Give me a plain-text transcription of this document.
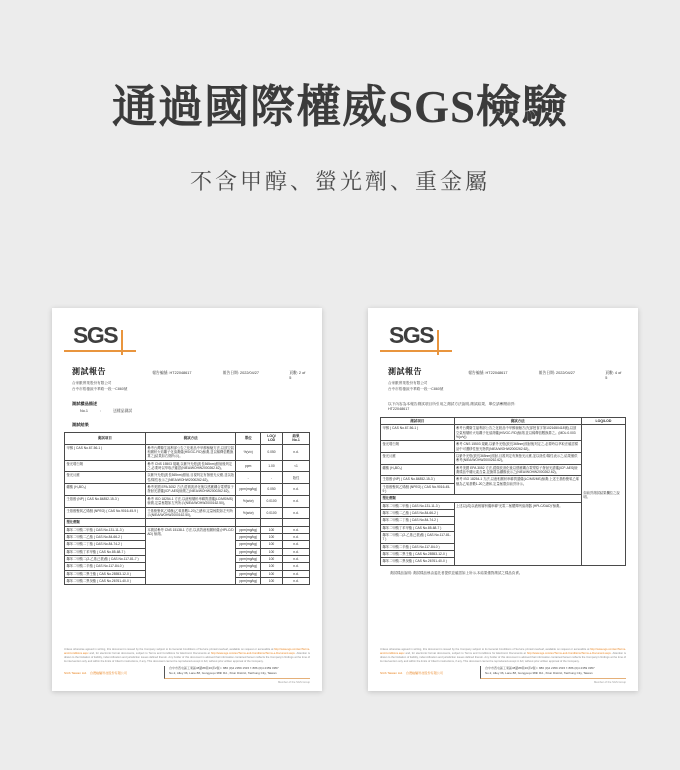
通過國際權威SGS檢驗
不含甲醇、螢光劑、重金屬
SGS
測試報告	報告編號: HT22048617	報告日期: 2022/04/27	頁數: 2 of 5
合家歡實業股份有限公司
台中市梧棲區中華路一段一C860號
測試樣品描述
No.1	:	送樣品測試
測試結果
測試項目	測試方法	單位

LOQ/
LOD

結果
No.1

甲醇 ( CAS No.67-56-1 )	參考台灣衛生福利部公告之化粧品中甲醇檢驗方法,以頂空氣相層析火焰離子化偵測儀(HS/GC-FID)檢測,並以稀釋倍數換算之(結果如右側所示)。	%(v/v)	0.050	n.d.
螢光增白劑	參考 CNS 15503 規範,以紫外光燈(波長365nm)照射後判定之,必要時以萃取法確認(NIEA/WOHW2000262.62)。	ppm	1.00	<1
螢光反應	以紫外光燈(波長365nm)照射,目視判定有無螢光反應,並以陰性/陽性表示之(NIEA/WOHW2000262.62)。	-	-	陰性
硼酸 (H₃BO₃)	參考美國 EPA 3052 方法,經微波消化後以感應耦合電漿原子發射光譜儀(ICP-AES)檢測之(NIEA/WOHW2000262.62)。	ppm(mg/kg)	0.050	n.d.
壬基酚 (NP) ( CAS No.84852-15-3 )	參考 ISO 18254-1 方法,以液相層析串聯質譜儀(LC/MS/MS)檢測,定量極限如左列所示(NIEA/WOHW2000162.50)。	%(w/w)	0.0100	n.d.
壬基酚聚氧乙烯醚 (NPEO) ( CAS No.9016-45-9 )	壬基酚聚氧乙烯醚(乙氧基數1-20)之總和,定量極限如左列所示(NIEA/WOHW2000162.50)。	%(w/w)	0.0100	n.d.
塑化劑類				
鄰苯二甲酸二甲酯 ( CAS No.131-11-3 )	本測試參考 CNS 15138-1 方法,以高效液相層析儀 (HPLC/DAD) 檢測。	ppm(mg/kg)	100	n.d.
鄰苯二甲酸二乙酯 ( CAS No.84-66-2 )		ppm(mg/kg)	100	n.d.
鄰苯二甲酸二丁酯 ( CAS No.84-74-2 )		ppm(mg/kg)	100	n.d.
鄰苯二甲酸丁苯甲酯 ( CAS No.85-68-7 )		ppm(mg/kg)	100	n.d.
鄰苯二甲酸二(2-乙基己基)酯 ( CAS No.117-81-7 )		ppm(mg/kg)	100	n.d.
鄰苯二甲酸二辛酯 ( CAS No.117-84-0 )		ppm(mg/kg)	100	n.d.
鄰苯二甲酸二異壬酯 ( CAS No.28553-12-0 )		ppm(mg/kg)	100	n.d.
鄰苯二甲酸二異癸酯 ( CAS No.26761-40-0 )		ppm(mg/kg)	100	n.d.
Unless otherwise agreed in writing, this document is issued by the Company subject to its General Conditions of Service printed overleaf, available on request or accessible at http://www.sgs.com/en/Terms-and-Conditions.aspx and, for electronic format documents, subject to Terms and Conditions for Electronic Documents at http://www.sgs.com/en/Terms-and-Conditions/Terms-e-Document.aspx. Attention is drawn to the limitation of liability, indemnification and jurisdiction issues defined therein. Any holder of this document is advised that information contained hereon reflects the Company's findings at the time of its intervention only and within the limits of Client's instructions, if any. This document cannot be reproduced except in full, without prior written approval of the Company.
SGS Taiwan Ltd. 台灣檢驗科技股份有限公司
台中市西屯區工業區38路88巷36弄2號 t: 886 (0)4 2359 1515 f: 886 (0)4 2359 0957
No.2, Alley 36, Lane 88, Gongyequ 38th Rd., Xitun District, Taichung City, Taiwan
Member of the SGS Group
SGS
測試報告	報告編號: HT22048617	報告日期: 2022/04/27	頁數: 4 of 5
合家歡實業股份有限公司
台中市梧棲區中華路一段一C860號
以下內容為本報告測試項目所引用之測試方法說明,測試結果、單位請參閱前頁:
HT22048617
測試項目	測試方法	LOQ/LOD

甲醇 ( CAS No.67-56-1 )	參考台灣衛生福利部公告之化粧品中甲醇檢驗方法(部授食字第1021650418號),以頂空氣相層析火焰離子化偵測儀(HS/GC-FID)檢測,並以稀釋倍數換算之。(MDL:0.003 %(v/v))	如前頁測試結果欄位之說明。
螢光增白劑	參考 CNS 15503 規範,以紫外光燈(波長365nm)照射後判定之,必要時以萃取法確認樣品中可遷移性螢光物質(NIEA/WOHW2000262.62)。	
螢光反應	以紫外光燈(波長365nm)照射,目視判定有無螢光反應,並以陰性/陽性表示之,結果僅供參考(NIEA/WOHW2000262.62)。	
硼酸 (H₃BO₃)	參考美國 EPA 3052 方法,經微波消化後以感應耦合電漿原子發射光譜儀(ICP-AES)檢測樣品中硼元素含量,並換算為硼酸表示之(NIEA/WOHW2000262.62)。	
壬基酚 (NP) ( CAS No.84852-15-3 )	參考 ISO 18254-1 方法,以液相層析串聯質譜儀(LC/MS/MS)檢測;上述壬基酚聚氧乙烯醚為乙氧基數1-20之總和,定量極限如前頁所示。	
壬基酚聚氧乙烯醚 (NPEO) ( CAS No.9016-45-9 )		
塑化劑類		
鄰苯二甲酸二甲酯 ( CAS No.131-11-3 )	上述以(或)以液相層析儀串聯“光電二極體陣列偵測器 (HPLC/DAD)”檢測。	
鄰苯二甲酸二乙酯 ( CAS No.84-66-2 )		
鄰苯二甲酸二丁酯 ( CAS No.84-74-2 )		
鄰苯二甲酸丁苯甲酯 ( CAS No.85-68-7 )		
鄰苯二甲酸二(2-乙基己基)酯 ( CAS No.117-81-7 )		
鄰苯二甲酸二辛酯 ( CAS No.117-84-0 )		
鄰苯二甲酸二異壬酯 ( CAS No.28553-12-0 )		
鄰苯二甲酸二異癸酯 ( CAS No.26761-40-0 )		
測試樣品說明: 測試樣品係由委託者提供並確認如上所示,本結果僅對測試之樣品負責。
Unless otherwise agreed in writing, this document is issued by the Company subject to its General Conditions of Service printed overleaf, available on request or accessible at http://www.sgs.com/en/Terms-and-Conditions.aspx and, for electronic format documents, subject to Terms and Conditions for Electronic Documents at http://www.sgs.com/en/Terms-and-Conditions/Terms-e-Document.aspx. Attention is drawn to the limitation of liability, indemnification and jurisdiction issues defined therein. Any holder of this document is advised that information contained hereon reflects the Company's findings at the time of its intervention only and within the limits of Client's instructions, if any. This document cannot be reproduced except in full, without prior written approval of the Company.
SGS Taiwan Ltd. 台灣檢驗科技股份有限公司
台中市西屯區工業區38路88巷36弄2號 t: 886 (0)4 2359 1515 f: 886 (0)4 2359 0957
No.2, Alley 36, Lane 88, Gongyequ 38th Rd., Xitun District, Taichung City, Taiwan
Member of the SGS Group
